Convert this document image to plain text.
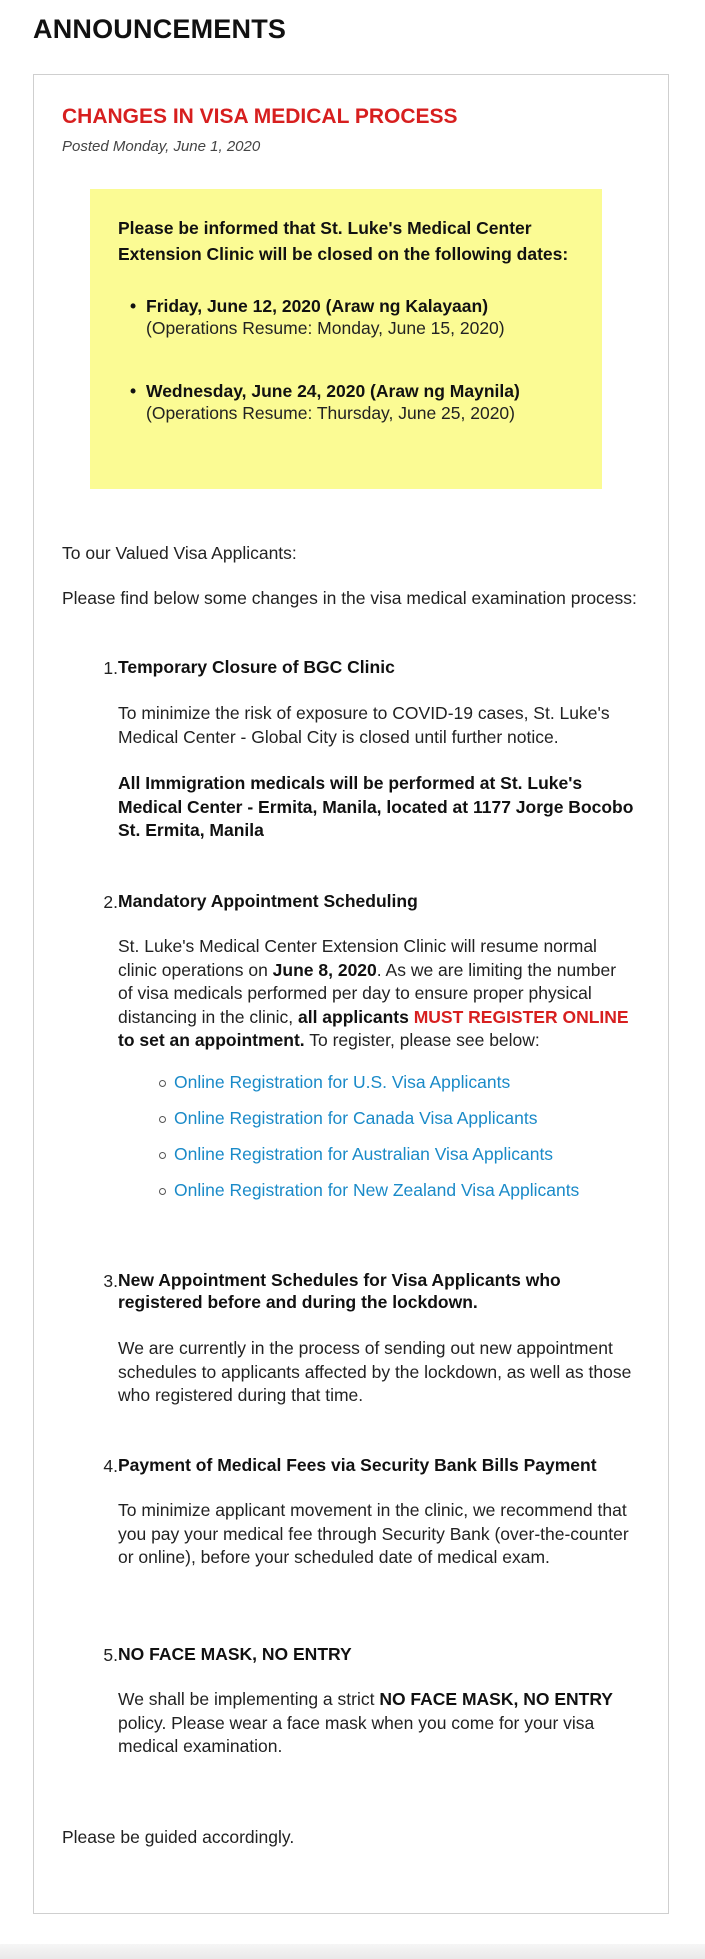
ANNOUNCEMENTS
CHANGES IN VISA MEDICAL PROCESS
Posted Monday, June 1, 2020
Please be informed that St. Luke's Medical Center Extension Clinic will be closed on the following dates:
• Friday, June 12, 2020 (Araw ng Kalayaan)
(Operations Resume: Monday, June 15, 2020)
• Wednesday, June 24, 2020 (Araw ng Maynila)
(Operations Resume: Thursday, June 25, 2020)
To our Valued Visa Applicants:
Please find below some changes in the visa medical examination process:
1. Temporary Closure of BGC Clinic
To minimize the risk of exposure to COVID-19 cases, St. Luke's Medical Center - Global City is closed until further notice.
All Immigration medicals will be performed at St. Luke's Medical Center - Ermita, Manila, located at 1177 Jorge Bocobo St. Ermita, Manila
2. Mandatory Appointment Scheduling
St. Luke's Medical Center Extension Clinic will resume normal clinic operations on June 8, 2020. As we are limiting the number of visa medicals performed per day to ensure proper physical distancing in the clinic, all applicants MUST REGISTER ONLINE to set an appointment. To register, please see below:
Online Registration for U.S. Visa Applicants
Online Registration for Canada Visa Applicants
Online Registration for Australian Visa Applicants
Online Registration for New Zealand Visa Applicants
3. New Appointment Schedules for Visa Applicants who registered before and during the lockdown.
We are currently in the process of sending out new appointment schedules to applicants affected by the lockdown, as well as those who registered during that time.
4. Payment of Medical Fees via Security Bank Bills Payment
To minimize applicant movement in the clinic, we recommend that you pay your medical fee through Security Bank (over-the-counter or online), before your scheduled date of medical exam.
5. NO FACE MASK, NO ENTRY
We shall be implementing a strict NO FACE MASK, NO ENTRY policy. Please wear a face mask when you come for your visa medical examination.
Please be guided accordingly.
